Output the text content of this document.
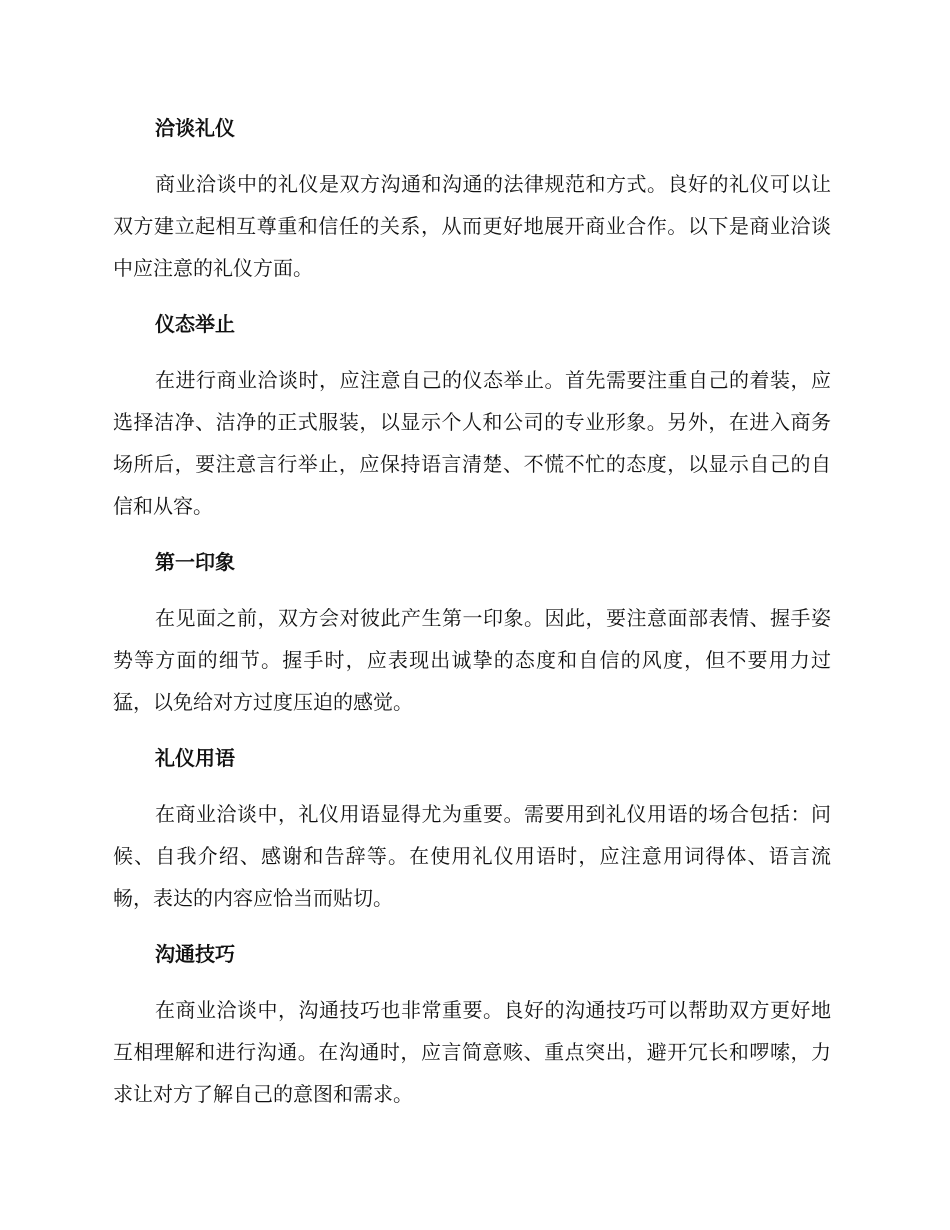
洽谈礼仪

商业洽谈中的礼仪是双方沟通和沟通的法律规范和方式。良好的礼仪可以让双方建立起相互尊重和信任的关系，从而更好地展开商业合作。以下是商业洽谈中应注意的礼仪方面。

仪态举止

在进行商业洽谈时，应注意自己的仪态举止。首先需要注重自己的着装，应选择洁净、洁净的正式服装，以显示个人和公司的专业形象。另外，在进入商务场所后，要注意言行举止，应保持语言清楚、不慌不忙的态度，以显示自己的自信和从容。

第一印象

在见面之前，双方会对彼此产生第一印象。因此，要注意面部表情、握手姿势等方面的细节。握手时，应表现出诚挚的态度和自信的风度，但不要用力过猛，以免给对方过度压迫的感觉。

礼仪用语

在商业洽谈中，礼仪用语显得尤为重要。需要用到礼仪用语的场合包括：问候、自我介绍、感谢和告辞等。在使用礼仪用语时，应注意用词得体、语言流畅，表达的内容应恰当而贴切。

沟通技巧

在商业洽谈中，沟通技巧也非常重要。良好的沟通技巧可以帮助双方更好地互相理解和进行沟通。在沟通时，应言简意赅、重点突出，避开冗长和啰嗦，力求让对方了解自己的意图和需求。
